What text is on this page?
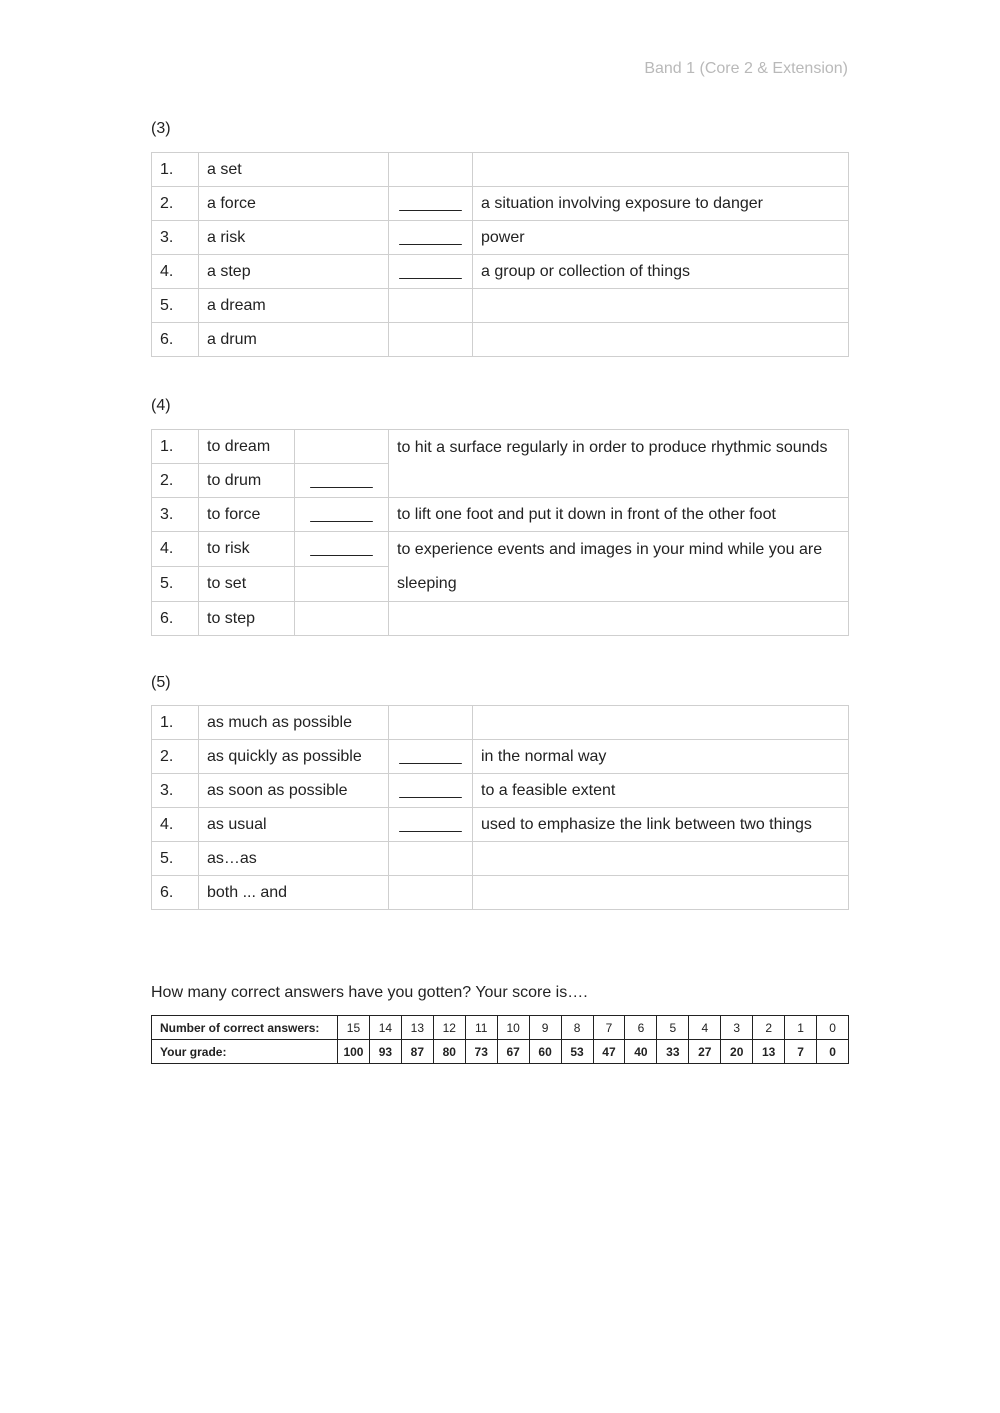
Band 1 (Core 2 & Extension)
(3)
1.	a set		
2.	a force	_______	a situation involving exposure to danger
3.	a risk	_______	power
4.	a step	_______	a group or collection of things
5.	a dream		
6.	a drum		
(4)
1.	to dream		to hit a surface regularly in order to produce rhythmic sounds
2.	to drum	_______	
3.	to force	_______	to lift one foot and put it down in front of the other foot
4.	to risk	_______	to experience events and images in your mind while you are sleeping
5.	to set		
6.	to step		
(5)
1.	as much as possible		
2.	as quickly as possible	_______	in the normal way
3.	as soon as possible	_______	to a feasible extent
4.	as usual	_______	used to emphasize the link between two things
5.	as…as		
6.	both ... and		
How many correct answers have you gotten? Your score is….
Number of correct answers:	15	14	13	12	11	10	9	8	7	6	5	4	3	2	1	0
Your grade:	100	93	87	80	73	67	60	53	47	40	33	27	20	13	7	0
